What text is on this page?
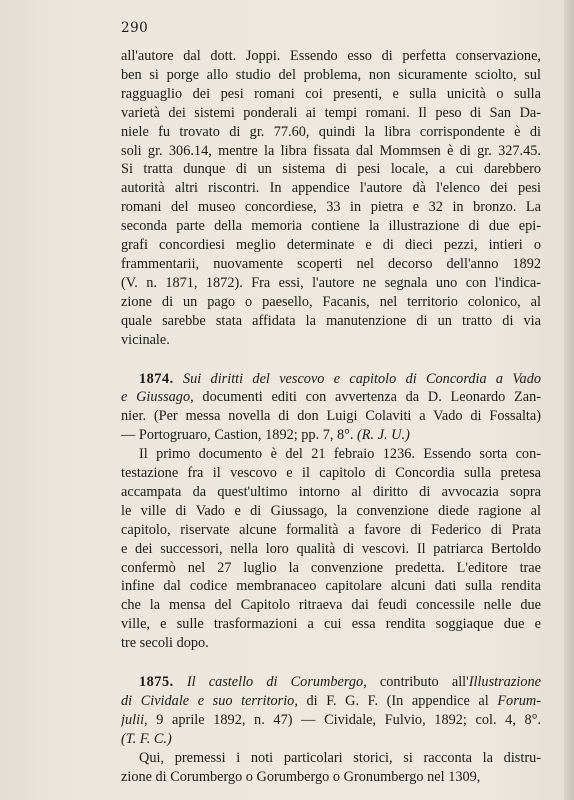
290
all'autore dal dott. Joppi. Essendo esso di perfetta conservazione,
ben si porge allo studio del problema, non sicuramente sciolto, sul
ragguaglio dei pesi romani coi presenti, e sulla unicità o sulla
varietà dei sistemi ponderali ai tempi romani. Il peso di San Da-
niele fu trovato di gr. 77.60, quindi la libra corrispondente è di
soli gr. 306.14, mentre la libra fissata dal Mommsen è di gr. 327.45.
Si tratta dunque di un sistema di pesi locale, a cui darebbero
autorità altri riscontri. In appendice l'autore dà l'elenco dei pesi
romani del museo concordiese, 33 in pietra e 32 in bronzo. La
seconda parte della memoria contiene la illustrazione di due epi-
grafi concordiesi meglio determinate e di dieci pezzi, intieri o
frammentarii, nuovamente scoperti nel decorso dell'anno 1892
(V. n. 1871, 1872). Fra essi, l'autore ne segnala uno con l'indica-
zione di un pago o paesello, Facanis, nel territorio colonico, al
quale sarebbe stata affidata la manutenzione di un tratto di via
vicinale.
1874. Sui diritti del vescovo e capitolo di Concordia a Vado
e Giussago, documenti editi con avvertenza da D. Leonardo Zan-
nier. (Per messa novella di don Luigi Colaviti a Vado di Fossalta)
— Portogruaro, Castion, 1892; pp. 7, 8°. (R. J. U.)
Il primo documento è del 21 febraio 1236. Essendo sorta con-
testazione fra il vescovo e il capitolo di Concordia sulla pretesa
accampata da quest'ultimo intorno al diritto di avvocazia sopra
le ville di Vado e di Giussago, la convenzione diede ragione al
capitolo, riservate alcune formalità a favore di Federico di Prata
e dei successori, nella loro qualità di vescovi. Il patriarca Bertoldo
confermò nel 27 luglio la convenzione predetta. L'editore trae
infine dal codice membranaceo capitolare alcuni dati sulla rendita
che la mensa del Capitolo ritraeva dai feudi concessile nelle due
ville, e sulle trasformazioni a cui essa rendita soggiaque due e
tre secoli dopo.
1875. Il castello di Corumbergo, contributo all'Illustrazione
di Cividale e suo territorio, di F. G. F. (In appendice al Forum-
julii, 9 aprile 1892, n. 47) — Cividale, Fulvio, 1892; col. 4, 8°.
(T. F. C.)
Qui, premessi i noti particolari storici, si racconta la distru-
zione di Corumbergo o Gorumbergo o Gronumbergo nel 1309,
